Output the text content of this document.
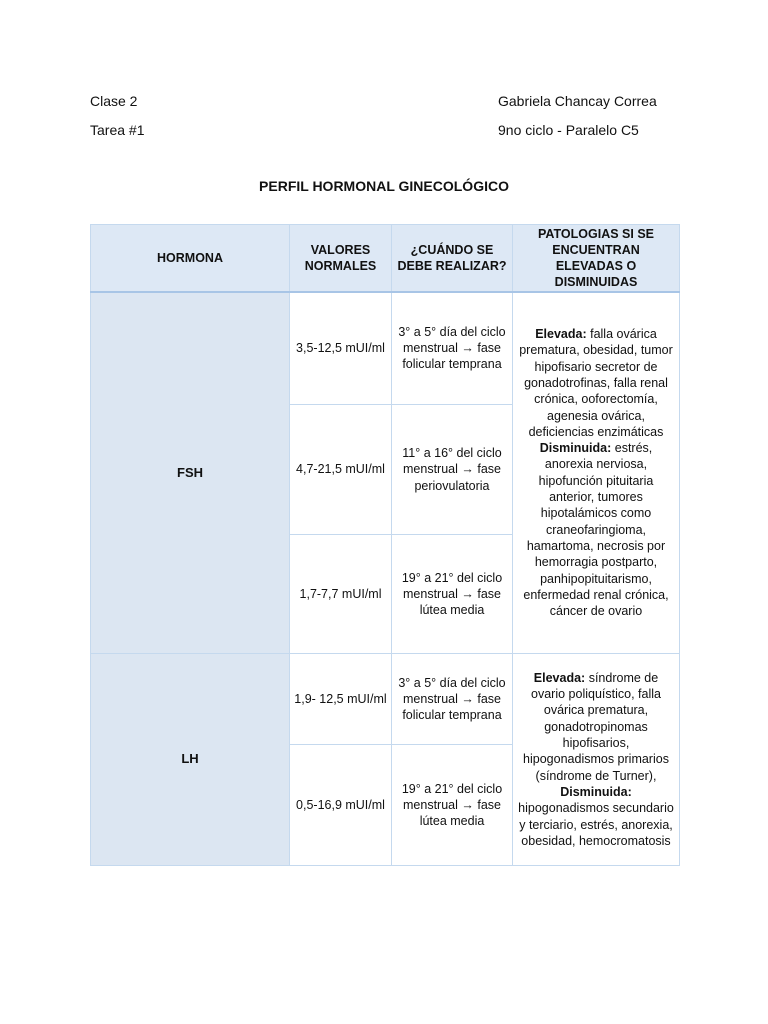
Clase 2
Tarea #1
Gabriela Chancay Correa
9no ciclo - Paralelo C5
PERFIL HORMONAL GINECOLÓGICO
HORMONA	VALORES NORMALES	¿CUÁNDO SE DEBE REALIZAR?	PATOLOGIAS SI SE ENCUENTRAN ELEVADAS O DISMINUIDAS
FSH	3,5-12,5 mUI/ml	3° a 5° día del ciclo menstrual → fase folicular temprana	Elevada: falla ovárica prematura, obesidad, tumor hipofisario secretor de gonadotrofinas, falla renal crónica, ooforectomía, agenesia ovárica, deficiencias enzimáticas Disminuida: estrés, anorexia nerviosa, hipofunción pituitaria anterior, tumores hipotalámicos como craneofaringioma, hamartoma, necrosis por hemorragia postparto, panhipopituitarismo, enfermedad renal crónica, cáncer de ovario
	4,7-21,5 mUI/ml	11° a 16° del ciclo menstrual → fase periovulatoria	
	1,7-7,7 mUI/ml	19° a 21° del ciclo menstrual → fase lútea media	
LH	1,9- 12,5 mUI/ml	3° a 5° día del ciclo menstrual → fase folicular temprana	Elevada: síndrome de ovario poliquístico, falla ovárica prematura, gonadotropinomas hipofisarios, hipogonadismos primarios (síndrome de Turner), Disminuida: hipogonadismos secundario y terciario, estrés, anorexia, obesidad, hemocromatosis
	0,5-16,9 mUI/ml	19° a 21° del ciclo menstrual → fase lútea media	
